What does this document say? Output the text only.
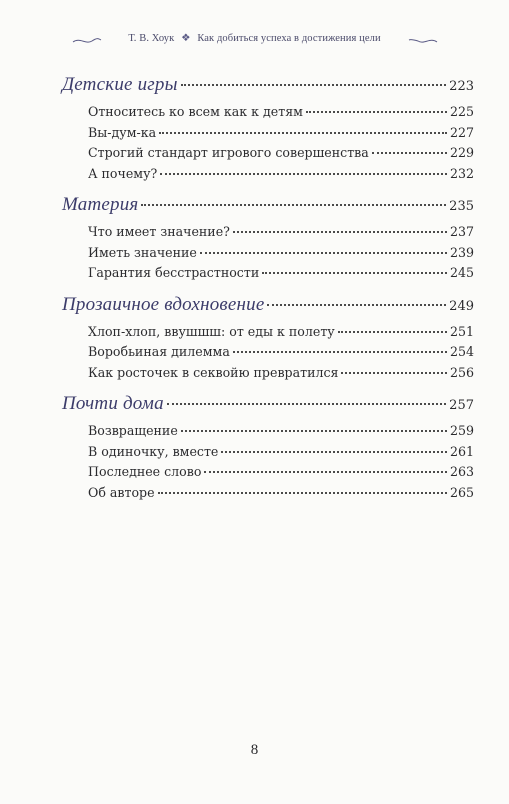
Т. В. Хоук ❖ Как добиться успеха в достижения цели
Детские игры	223
Относитесь ко всем как к детям	225
Вы-дум-ка	227
Строгий стандарт игрового совершенства	229
А почему?	232
Материя	235
Что имеет значение?	237
Иметь значение	239
Гарантия бесстрастности	245
Прозаичное вдохновение	249
Хлоп-хлоп, ввушшш: от еды к полету	251
Воробьиная дилемма	254
Как росточек в секвойю превратился	256
Почти дома	257
Возвращение	259
В одиночку, вместе	261
Последнее слово	263
Об авторе	265
8
